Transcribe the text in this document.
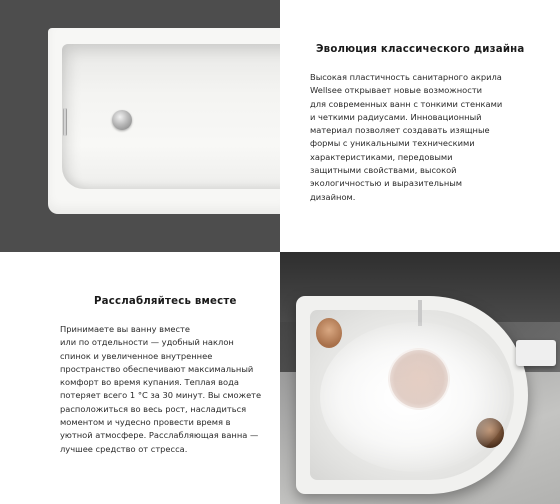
Эволюция классического дизайна

Высокая пластичность санитарного акрила
Wellsee открывает новые возможности
для современных ванн с тонкими стенками
и четкими радиусами. Инновационный
материал позволяет создавать изящные
формы с уникальными техническими
характеристиками, передовыми
защитными свойствами, высокой
экологичностью и выразительным
дизайном.

Расслабляйтесь вместе

Принимаете вы ванну вместе
или по отдельности — удобный наклон
спинок и увеличенное внутреннее
пространство обеспечивают максимальный
комфорт во время купания. Теплая вода
потеряет всего 1 °С за 30 минут. Вы сможете
расположиться во весь рост, насладиться
моментом и чудесно провести время в
уютной атмосфере. Расслабляющая ванна —
лучшее средство от стресса.
